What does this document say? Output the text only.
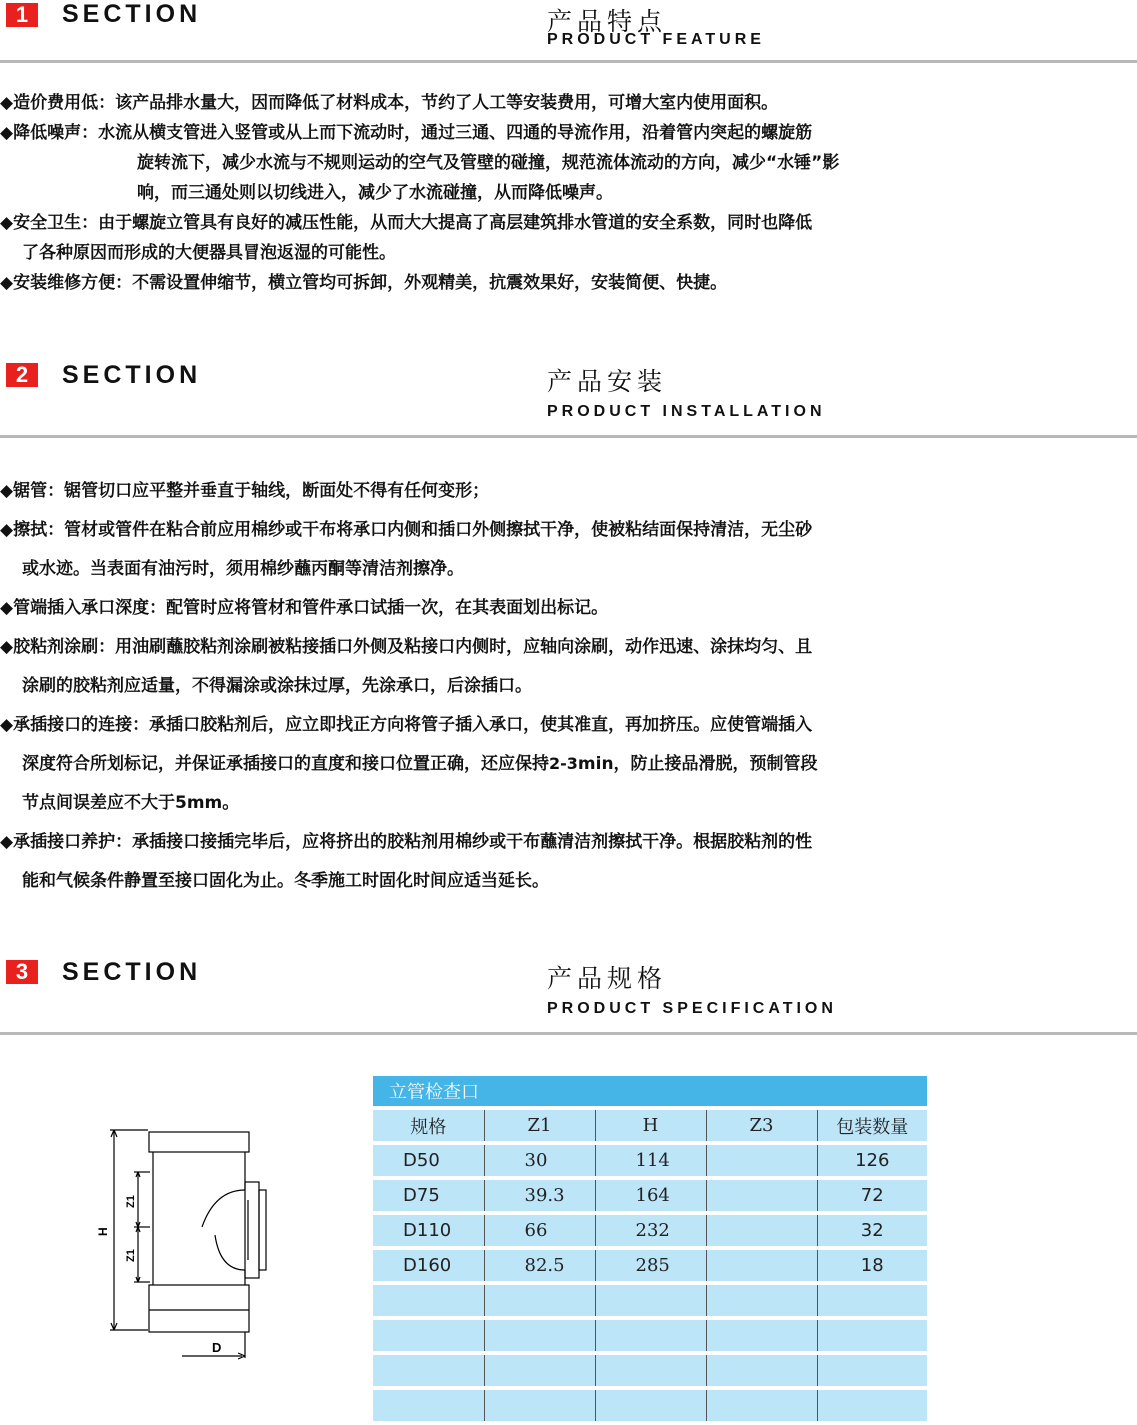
1	SECTION	产品特点
PRODUCT FEATURE
◆造价费用低：该产品排水量大，因而降低了材料成本，节约了人工等安装费用，可增大室内使用面积。
◆降低噪声：水流从横支管进入竖管或从上而下流动时，通过三通、四通的导流作用，沿着管内突起的螺旋筋
旋转流下，减少水流与不规则运动的空气及管壁的碰撞，规范流体流动的方向，减少“水锤”影
响，而三通处则以切线进入，减少了水流碰撞，从而降低噪声。
◆安全卫生：由于螺旋立管具有良好的减压性能，从而大大提高了高层建筑排水管道的安全系数，同时也降低
了各种原因而形成的大便器具冒泡返湿的可能性。
◆安装维修方便：不需设置伸缩节，横立管均可拆卸，外观精美，抗震效果好，安装简便、快捷。
2	SECTION	产品安装
PRODUCT INSTALLATION
◆锯管：锯管切口应平整并垂直于轴线，断面处不得有任何变形；
◆擦拭：管材或管件在粘合前应用棉纱或干布将承口内侧和插口外侧擦拭干净，使被粘结面保持清洁，无尘砂
或水迹。当表面有油污时，须用棉纱蘸丙酮等清洁剂擦净。
◆管端插入承口深度：配管时应将管材和管件承口试插一次，在其表面划出标记。
◆胶粘剂涂刷：用油刷蘸胶粘剂涂刷被粘接插口外侧及粘接口内侧时，应轴向涂刷，动作迅速、涂抹均匀、且
涂刷的胶粘剂应适量，不得漏涂或涂抹过厚，先涂承口，后涂插口。
◆承插接口的连接：承插口胶粘剂后，应立即找正方向将管子插入承口，使其准直，再加挤压。应使管端插入
深度符合所划标记，并保证承插接口的直度和接口位置正确，还应保持2-3min，防止接品滑脱，预制管段
节点间误差应不大于5mm。
◆承插接口养护：承插接口接插完毕后，应将挤出的胶粘剂用棉纱或干布蘸清洁剂擦拭干净。根据胶粘剂的性
能和气候条件静置至接口固化为止。冬季施工时固化时间应适当延长。
3	SECTION	产品规格
PRODUCT SPECIFICATION
Z1
Z1
H
D
立管检查口				
规格	Z1	H	Z3	包装数量
D50	30	114		126
D75	39.3	164		72
D110	66	232		32
D160	82.5	285		18
